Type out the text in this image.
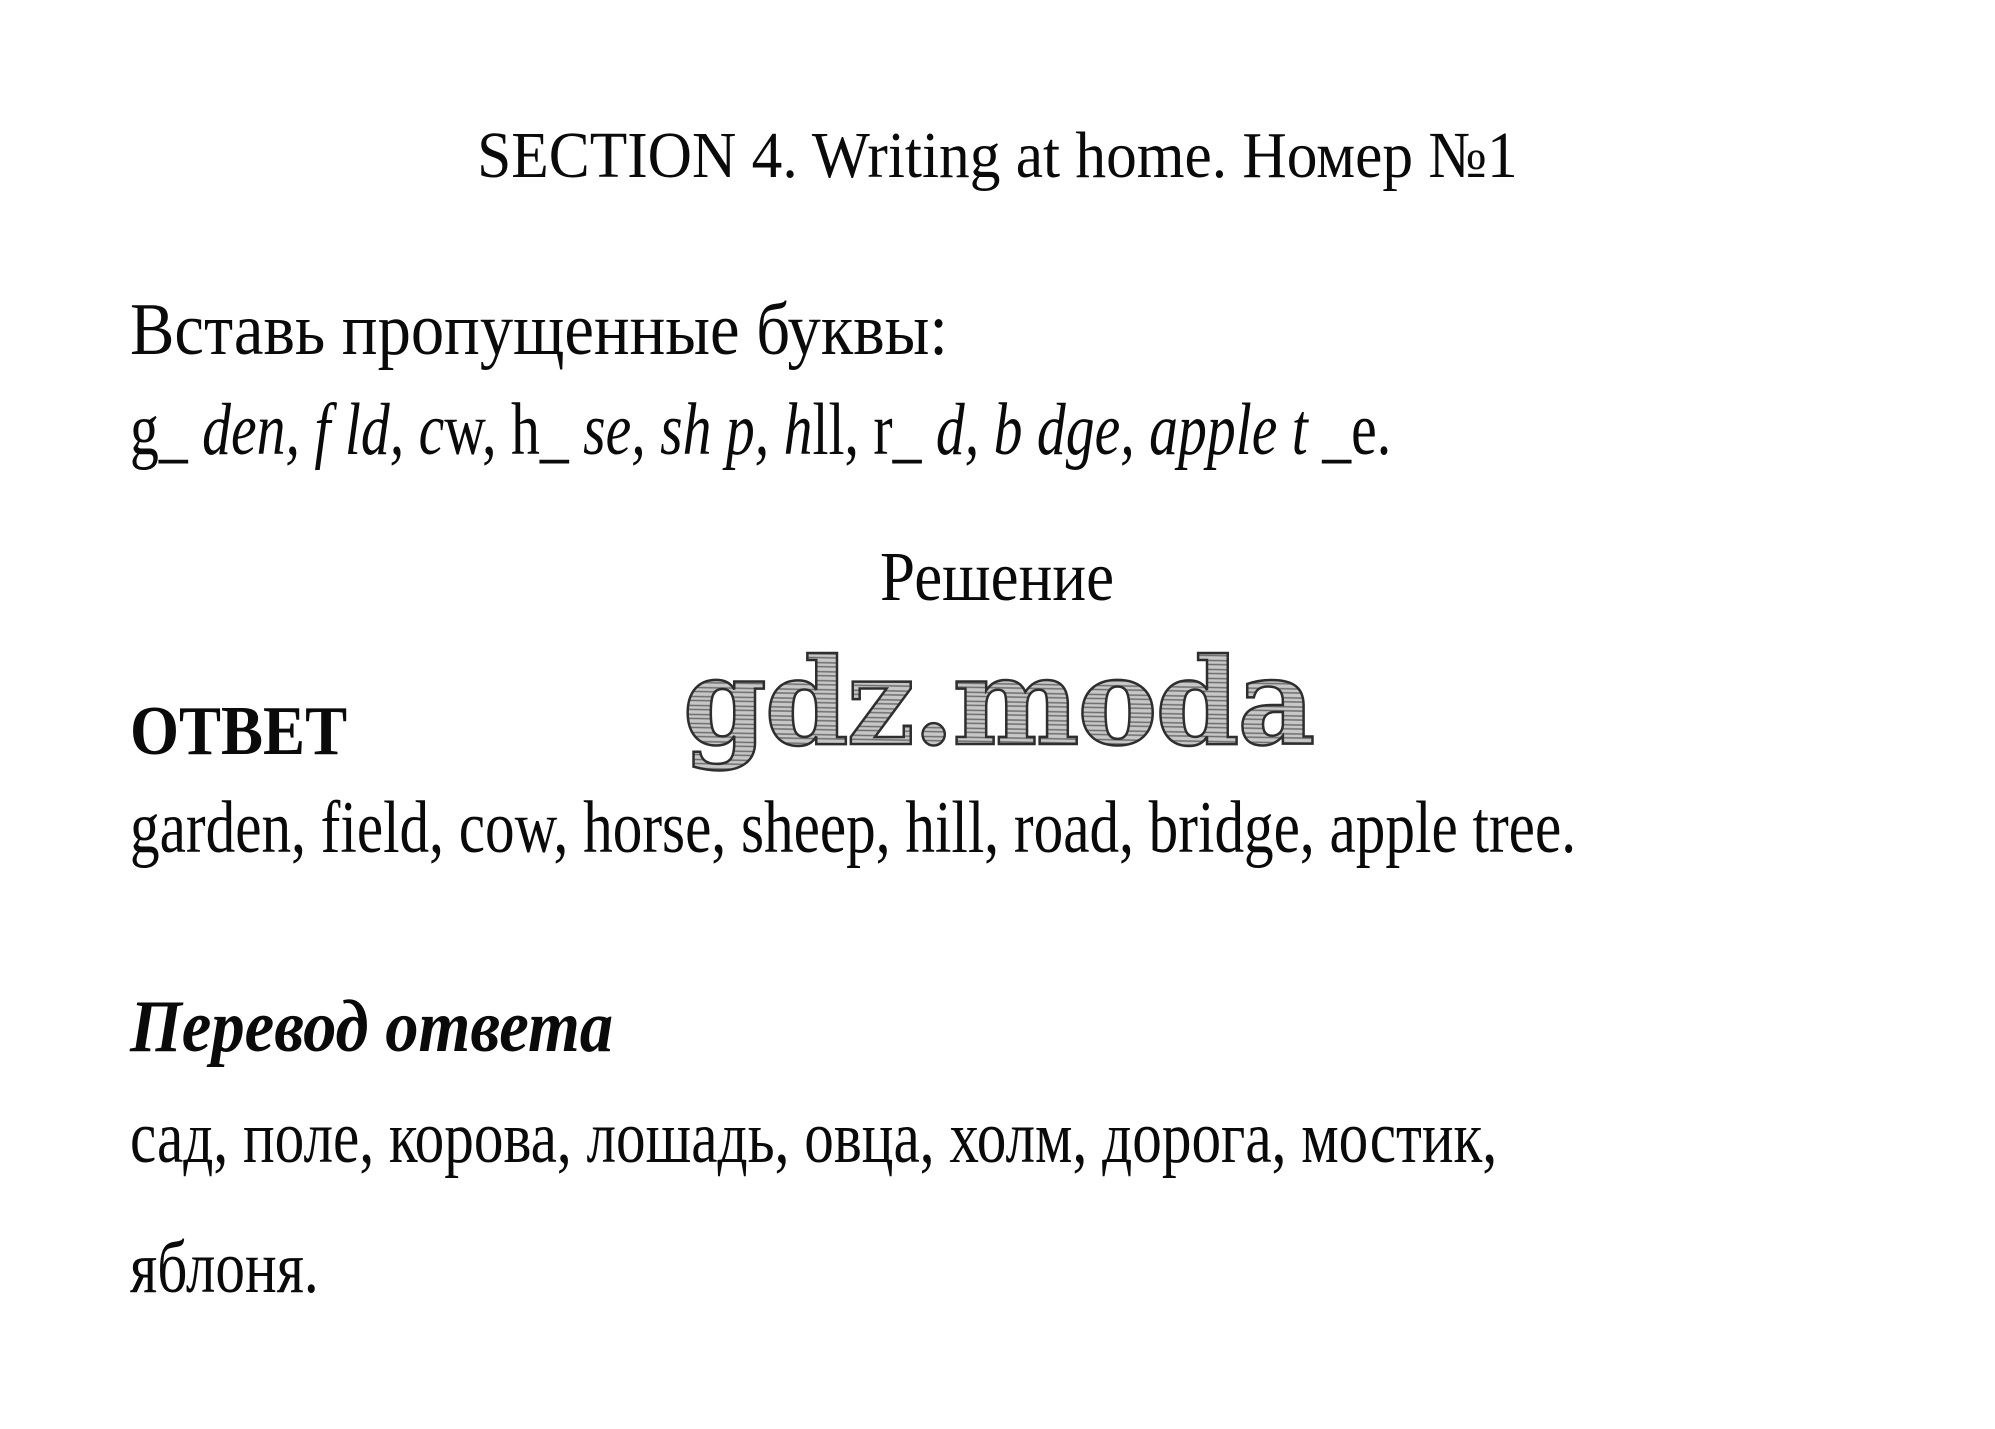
SECTION 4. Writing at home. Номер №1
Вставь пропущенные буквы:
g_ den, f ld, cw, h_ se, sh p, hll, r_ d, b dge, apple t _e.
Решение
gdz.moda
ОТВЕТ
garden, field, cow, horse, sheep, hill, road, bridge, apple tree.
Перевод ответа
сад, поле, корова, лошадь, овца, холм, дорога, мостик,
яблоня.
